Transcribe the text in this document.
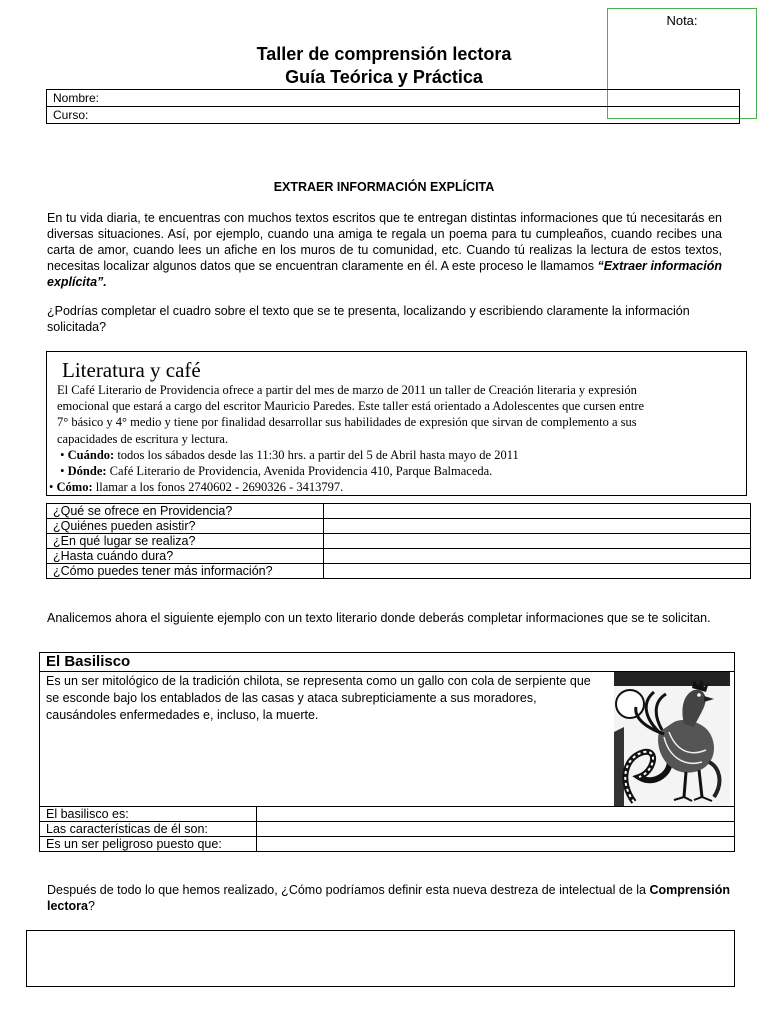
Nota:
Taller de comprensión lectora
Guía Teórica y Práctica
Nombre:
Curso:
EXTRAER INFORMACIÓN EXPLÍCITA
En tu vida diaria, te encuentras con muchos textos escritos que te entregan distintas informaciones que tú necesitarás en diversas situaciones. Así, por ejemplo, cuando una amiga te regala un poema para tu cumpleaños, cuando recibes una carta de amor, cuando lees un afiche en los muros de tu comunidad, etc. Cuando tú realizas la lectura de estos textos, necesitas localizar algunos datos que se encuentran claramente en él. A este proceso le llamamos “Extraer información explícita”.
¿Podrías completar el cuadro sobre el texto que se te presenta, localizando y escribiendo claramente la información solicitada?
Literatura y café
El Café Literario de Providencia ofrece a partir del mes de marzo de 2011 un taller de Creación literaria y expresión
emocional que estará a cargo del escritor Mauricio Paredes. Este taller está orientado a Adolescentes que cursen entre
7° básico y 4° medio y tiene por finalidad desarrollar sus habilidades de expresión que sirvan de complemento a sus
capacidades de escritura y lectura.
• Cuándo: todos los sábados desde las 11:30 hrs. a partir del 5 de Abril hasta mayo de 2011
• Dónde: Café Literario de Providencia, Avenida Providencia 410, Parque Balmaceda.
• Cómo: llamar a los fonos 2740602 - 2690326 - 3413797.
¿Qué se ofrece en Providencia?	
¿Quiénes pueden asistir?	
¿En qué lugar se realiza?	
¿Hasta cuándo dura?	
¿Cómo puedes tener más información?	
Analicemos ahora el siguiente ejemplo con un texto literario donde deberás completar informaciones que se te solicitan.
El Basilisco	

Es un ser mitológico de la tradición chilota, se representa como un gallo con cola de serpiente que se esconde bajo los entablados de las casas y ataca subrepticiamente a sus moradores, causándoles enfermedades e, incluso, la muerte.	

El basilisco es:	
Las características de él son:	
Es un ser peligroso puesto que:	
Después de todo lo que hemos realizado, ¿Cómo podríamos definir esta nueva destreza de intelectual de la Comprensión lectora?
